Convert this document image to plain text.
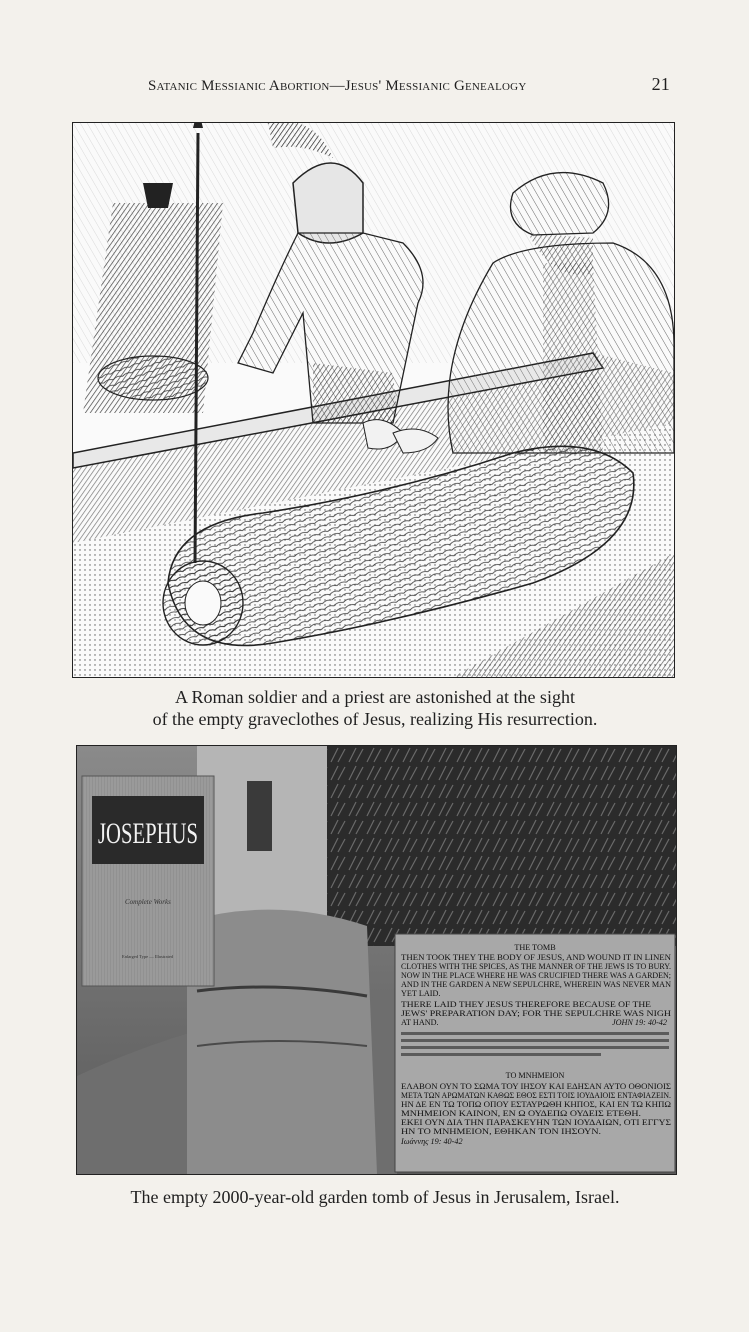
Satanic Messianic Abortion—Jesus' Messianic Genealogy	21
A Roman soldier and a priest are astonished at the sight
of the empty graveclothes of Jesus, realizing His resurrection.
JOSEPHUS
Complete Works
Enlarged Type — Illustrated
THE TOMB
THEN TOOK THEY THE BODY OF JESUS, AND WOUND IT IN LINEN
CLOTHES WITH THE SPICES, AS THE MANNER OF THE JEWS IS TO BURY.
NOW IN THE PLACE WHERE HE WAS CRUCIFIED THERE WAS A GARDEN;
AND IN THE GARDEN A NEW SEPULCHRE, WHEREIN WAS NEVER MAN
YET LAID.
THERE LAID THEY JESUS THEREFORE BECAUSE OF THE
JEWS' PREPARATION DAY; FOR THE SEPULCHRE WAS NIGH
AT HAND.	JOHN 19: 40-42
TO MNHMEION
ΕΛΑΒΟΝ ΟΥΝ ΤΟ ΣΩΜΑ ΤΟΥ ΙΗΣΟΥ ΚΑΙ ΕΔΗΣΑΝ ΑΥΤΟ ΟΘΟΝΙΟΙΣ
ΜΕΤΑ ΤΩΝ ΑΡΩΜΑΤΩΝ ΚΑΘΩΣ ΕΘΟΣ ΕΣΤΙ ΤΟΙΣ ΙΟΥΔΑΙΟΙΣ ΕΝΤΑΦΙΑΖΕΙΝ.
ΗΝ ΔΕ ΕΝ ΤΩ ΤΟΠΩ ΟΠΟΥ ΕΣΤΑΥΡΩΘΗ ΚΗΠΟΣ, ΚΑΙ ΕΝ ΤΩ ΚΗΠΩ
ΜΝΗΜΕΙΟΝ ΚΑΙΝΟΝ, ΕΝ Ω ΟΥΔΕΠΩ ΟΥΔΕΙΣ ΕΤΕΘΗ.
ΕΚΕΙ ΟΥΝ ΔΙΑ ΤΗΝ ΠΑΡΑΣΚΕΥΗΝ ΤΩΝ ΙΟΥΔΑΙΩΝ, ΟΤΙ ΕΓΓΥΣ
ΗΝ ΤΟ ΜΝΗΜΕΙΟΝ, ΕΘΗΚΑΝ ΤΟΝ ΙΗΣΟΥΝ.
Ιωάννης 19: 40-42
The empty 2000-year-old garden tomb of Jesus in Jerusalem, Israel.
